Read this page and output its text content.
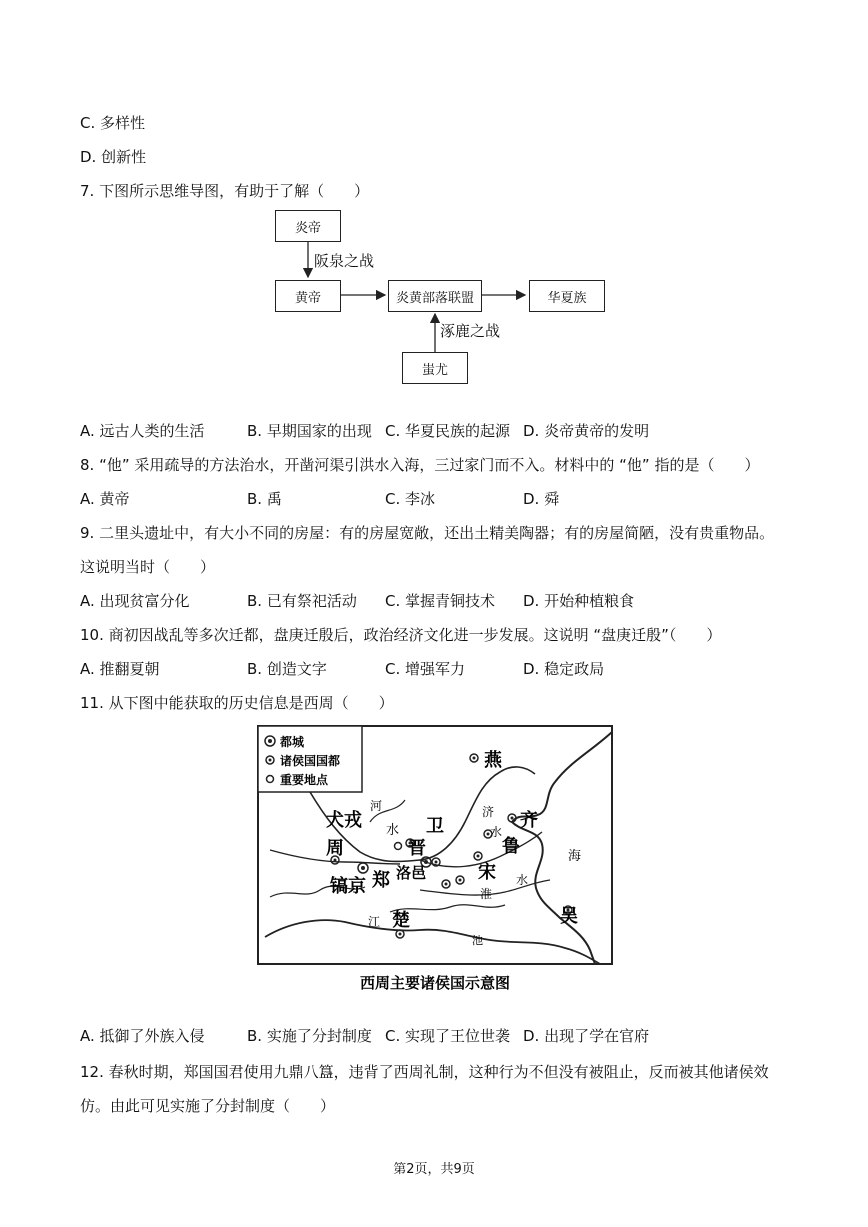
C. 多样性
D. 创新性
7. 下图所示思维导图，有助于了解（　　）
炎帝
黄帝	炎黄部落联盟	华夏族
蚩尤
阪泉之战
涿鹿之战
A. 远古人类的生活	B. 早期国家的出现 C. 华夏民族的起源 D. 炎帝黄帝的发明
8. “他” 采用疏导的方法治水，开凿河渠引洪水入海，三过家门而不入。材料中的 “他” 指的是（　　）
A. 黄帝	B. 禹	C. 李冰	D. 舜
9. 二里头遗址中，有大小不同的房屋：有的房屋宽敞，还出土精美陶器；有的房屋简陋，没有贵重物品。
这说明当时（　　）
A. 出现贫富分化	B. 已有祭祀活动 C. 掌握青铜技术 D. 开始种植粮食
10. 商初因战乱等多次迁都，盘庚迁殷后，政治经济文化进一步发展。这说明 “盘庚迁殷”（　　）
A. 推翻夏朝	B. 创造文字	C. 增强军力	D. 稳定政局
11. 从下图中能获取的历史信息是西周（　　）
都城
诸侯国国都
重要地点
河
燕
犬戎
周
水 卫
晋
济
水
齐
鲁	海
镐京 郑 洛邑	宋
淮
水
江 楚	吴
池
西周主要诸侯国示意图
A. 抵御了外族入侵	B. 实施了分封制度 C. 实现了王位世袭 D. 出现了学在官府
12. 春秋时期，郑国国君使用九鼎八簋，违背了西周礼制，这种行为不但没有被阻止，反而被其他诸侯效
仿。由此可见实施了分封制度（　　）
第2页，共9页
